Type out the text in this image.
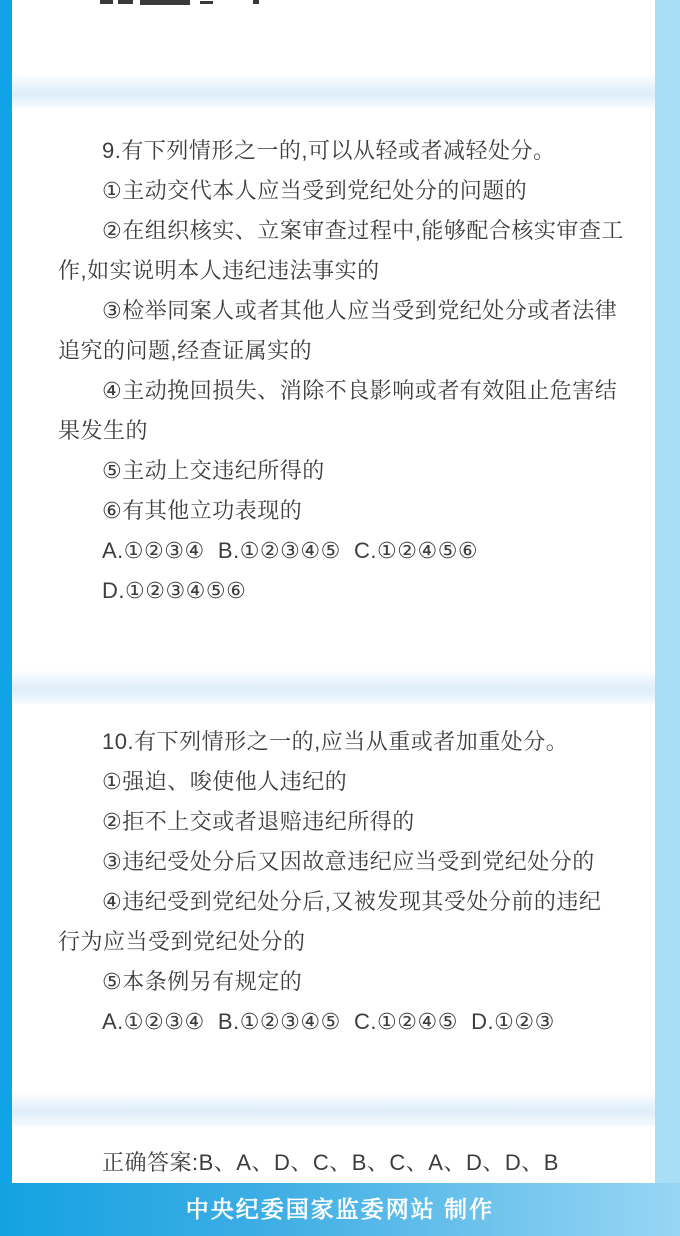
9.有下列情形之一的,可以从轻或者减轻处分。
①主动交代本人应当受到党纪处分的问题的
②在组织核实、立案审查过程中,能够配合核实审查工
作,如实说明本人违纪违法事实的
③检举同案人或者其他人应当受到党纪处分或者法律
追究的问题,经查证属实的
④主动挽回损失、消除不良影响或者有效阻止危害结
果发生的
⑤主动上交违纪所得的
⑥有其他立功表现的
A.①②③④  B.①②③④⑤  C.①②④⑤⑥
D.①②③④⑤⑥
10.有下列情形之一的,应当从重或者加重处分。
①强迫、唆使他人违纪的
②拒不上交或者退赔违纪所得的
③违纪受处分后又因故意违纪应当受到党纪处分的
④违纪受到党纪处分后,又被发现其受处分前的违纪
行为应当受到党纪处分的
⑤本条例另有规定的
A.①②③④  B.①②③④⑤  C.①②④⑤  D.①②③
正确答案:B、A、D、C、B、C、A、D、D、B
中央纪委国家监委网站 制作
